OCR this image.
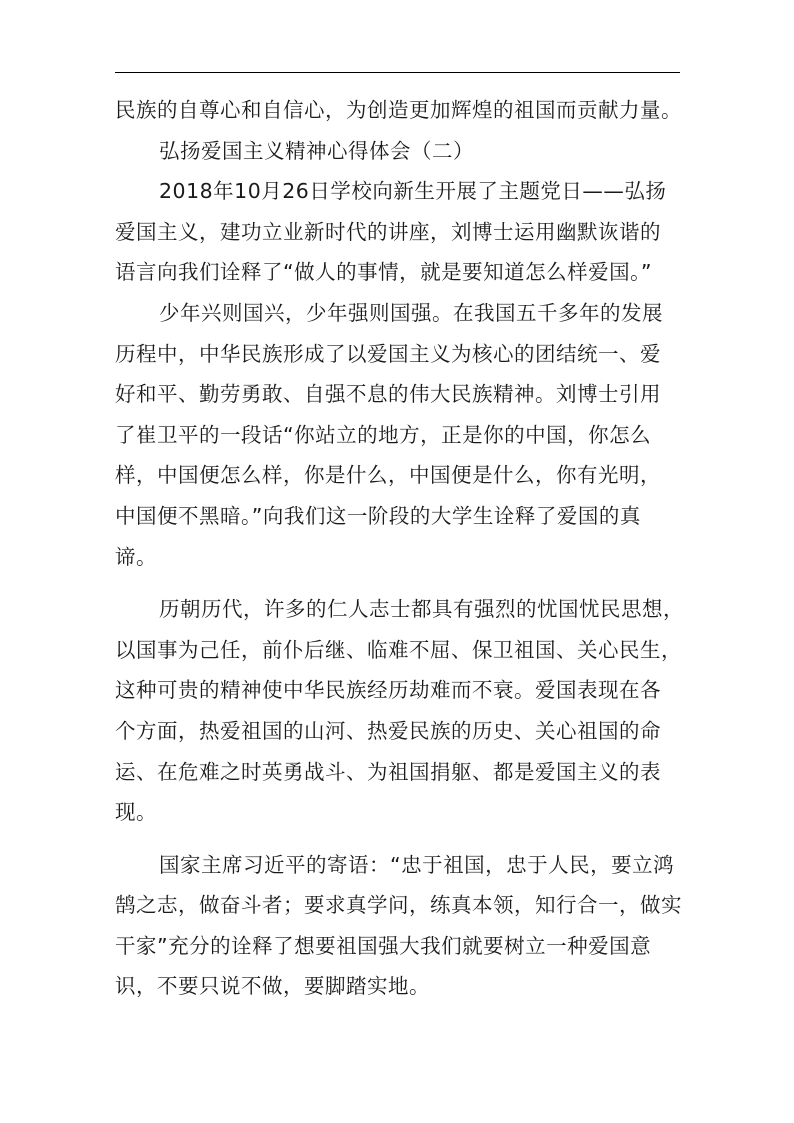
民族的自尊心和自信心，为创造更加辉煌的祖国而贡献力量。
弘扬爱国主义精神心得体会（二）
2018年10月26日学校向新生开展了主题党日——弘扬
爱国主义，建功立业新时代的讲座，刘博士运用幽默诙谐的
语言向我们诠释了“做人的事情，就是要知道怎么样爱国。”
少年兴则国兴，少年强则国强。在我国五千多年的发展
历程中，中华民族形成了以爱国主义为核心的团结统一、爱
好和平、勤劳勇敢、自强不息的伟大民族精神。刘博士引用
了崔卫平的一段话“你站立的地方，正是你的中国，你怎么
样，中国便怎么样，你是什么，中国便是什么，你有光明，
中国便不黑暗。”向我们这一阶段的大学生诠释了爱国的真
谛。
历朝历代，许多的仁人志士都具有强烈的忧国忧民思想，
以国事为己任，前仆后继、临难不屈、保卫祖国、关心民生，
这种可贵的精神使中华民族经历劫难而不衰。爱国表现在各
个方面，热爱祖国的山河、热爱民族的历史、关心祖国的命
运、在危难之时英勇战斗、为祖国捐躯、都是爱国主义的表
现。
国家主席习近平的寄语：“忠于祖国，忠于人民，要立鸿
鹄之志，做奋斗者；要求真学问，练真本领，知行合一，做实
干家”充分的诠释了想要祖国强大我们就要树立一种爱国意
识，不要只说不做，要脚踏实地。
